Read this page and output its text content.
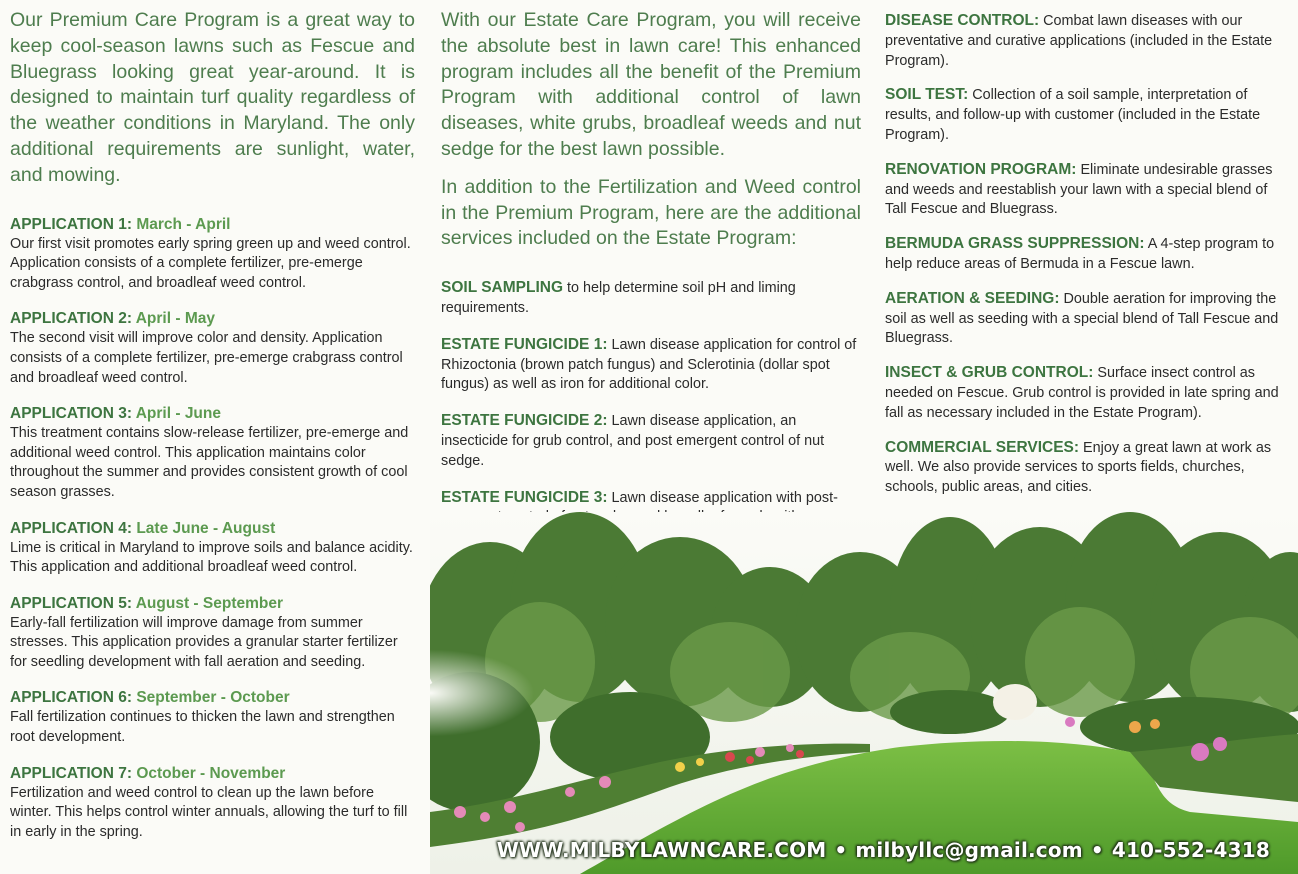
Our Premium Care Program is a great way to keep cool-season lawns such as Fescue and Bluegrass looking great year-around. It is designed to maintain turf quality regardless of the weather conditions in Maryland. The only additional requirements are sunlight, water, and mowing.

APPLICATION 1: March - April
Our first visit promotes early spring green up and weed control. Application consists of a complete fertilizer, pre-emerge crabgrass control, and broadleaf weed control.
APPLICATION 2: April - May
The second visit will improve color and density. Application consists of a complete fertilizer, pre-emerge crabgrass control and broadleaf weed control.
APPLICATION 3: April - June
This treatment contains slow-release fertilizer, pre-emerge and additional weed control. This application maintains color throughout the summer and provides consistent growth of cool season grasses.
APPLICATION 4: Late June - August
Lime is critical in Maryland to improve soils and balance acidity. This application and additional broadleaf weed control.
APPLICATION 5: August - September
Early-fall fertilization will improve damage from summer stresses. This application provides a granular starter fertilizer for seedling development with fall aeration and seeding.
APPLICATION 6: September - October
Fall fertilization continues to thicken the lawn and strengthen root development.
APPLICATION 7: October - November
Fertilization and weed control to clean up the lawn before winter. This helps control winter annuals, allowing the turf to fill in early in the spring.

With our Estate Care Program, you will receive the absolute best in lawn care! This enhanced program includes all the benefit of the Premium Program with additional control of lawn diseases, white grubs, broadleaf weeds and nut sedge for the best lawn possible.

In addition to the Fertilization and Weed control in the Premium Program, here are the additional services included on the Estate Program:

SOIL SAMPLING to help determine soil pH and liming requirements.
ESTATE FUNGICIDE 1: Lawn disease application for control of Rhizoctonia (brown patch fungus) and Sclerotinia (dollar spot fungus) as well as iron for additional color.
ESTATE FUNGICIDE 2: Lawn disease application, an insecticide for grub control, and post emergent control of nut sedge.
ESTATE FUNGICIDE 3: Lawn disease application with post-
DISEASE CONTROL: Combat lawn diseases with our preventative and curative applications (included in the Estate Program).
SOIL TEST: Collection of a soil sample, interpretation of results, and follow-up with customer (included in the Estate Program).
RENOVATION PROGRAM: Eliminate undesirable grasses and weeds and reestablish your lawn with a special blend of Tall Fescue and Bluegrass.
BERMUDA GRASS SUPPRESSION: A 4-step program to help reduce areas of Bermuda in a Fescue lawn.
AERATION & SEEDING: Double aeration for improving the soil as well as seeding with a special blend of Tall Fescue and Bluegrass.
INSECT & GRUB CONTROL: Surface insect control as needed on Fescue. Grub control is provided in late spring and fall as necessary included in the Estate Program).
COMMERCIAL SERVICES: Enjoy a great lawn at work as well. We also provide services to sports fields, churches, schools, public areas, and cities.
WWW.MILBYLAWNCARE.COM • milbyllc@gmail.com • 410-552-4318
